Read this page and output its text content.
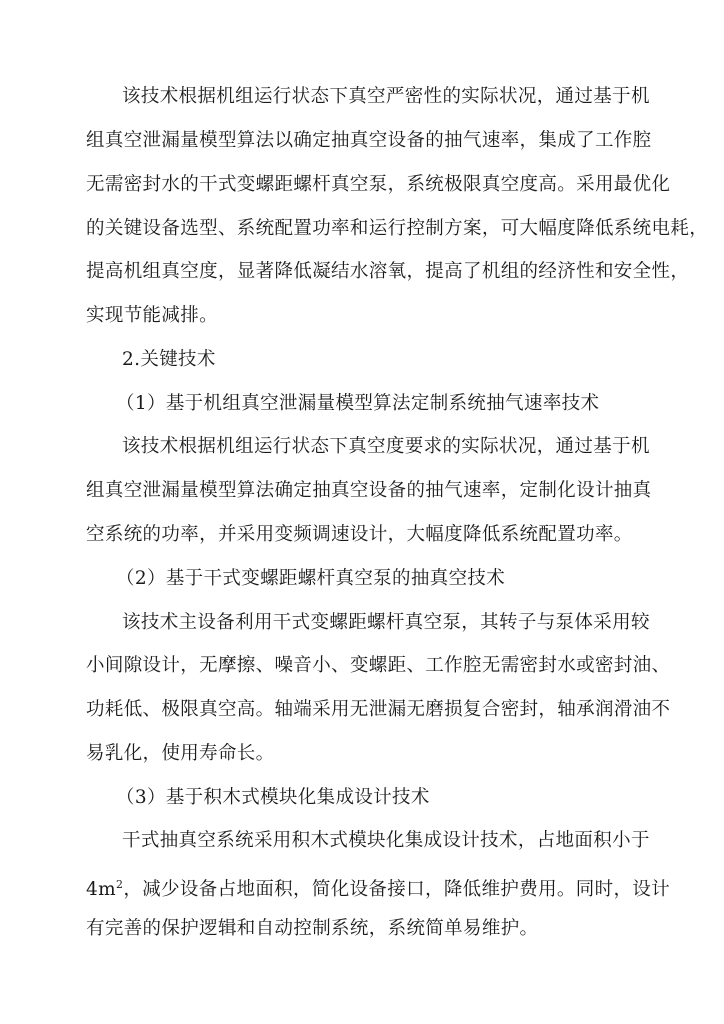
该技术根据机组运行状态下真空严密性的实际状况，通过基于机
组真空泄漏量模型算法以确定抽真空设备的抽气速率，集成了工作腔
无需密封水的干式变螺距螺杆真空泵，系统极限真空度高。采用最优化
的关键设备选型、系统配置功率和运行控制方案，可大幅度降低系统电耗，
提高机组真空度，显著降低凝结水溶氧，提高了机组的经济性和安全性，
实现节能减排。
2.关键技术
（1）基于机组真空泄漏量模型算法定制系统抽气速率技术
该技术根据机组运行状态下真空度要求的实际状况，通过基于机
组真空泄漏量模型算法确定抽真空设备的抽气速率，定制化设计抽真
空系统的功率，并采用变频调速设计，大幅度降低系统配置功率。
（2）基于干式变螺距螺杆真空泵的抽真空技术
该技术主设备利用干式变螺距螺杆真空泵，其转子与泵体采用较
小间隙设计，无摩擦、噪音小、变螺距、工作腔无需密封水或密封油、
功耗低、极限真空高。轴端采用无泄漏无磨损复合密封，轴承润滑油不
易乳化，使用寿命长。
（3）基于积木式模块化集成设计技术
干式抽真空系统采用积木式模块化集成设计技术，占地面积小于
$4m^2$，减少设备占地面积，简化设备接口，降低维护费用。同时，设计
有完善的保护逻辑和自动控制系统，系统简单易维护。
